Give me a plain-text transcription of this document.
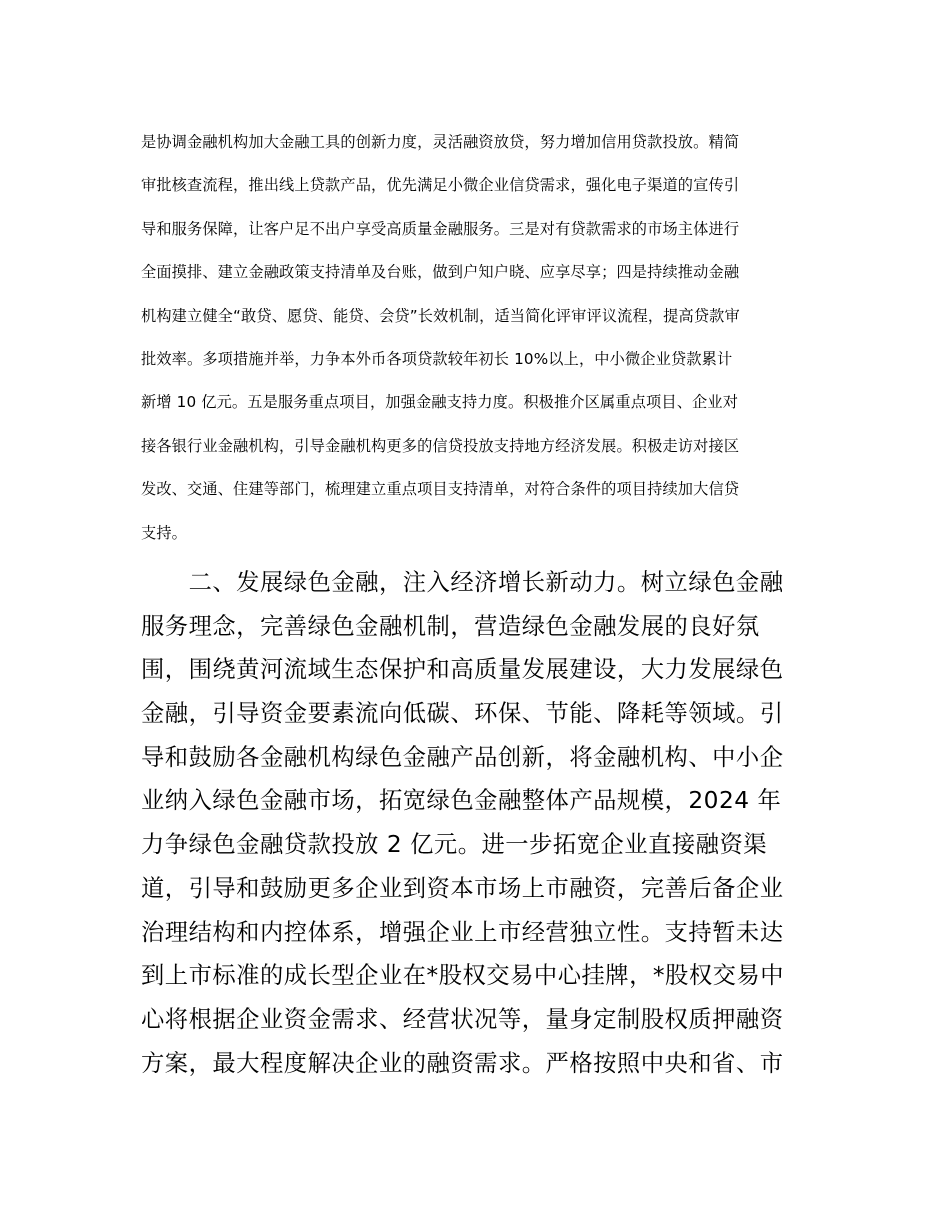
是协调金融机构加大金融工具的创新力度，灵活融资放贷，努力增加信用贷款投放。精简
审批核查流程，推出线上贷款产品，优先满足小微企业信贷需求，强化电子渠道的宣传引
导和服务保障，让客户足不出户享受高质量金融服务。三是对有贷款需求的市场主体进行
全面摸排、建立金融政策支持清单及台账，做到户知户晓、应享尽享；四是持续推动金融
机构建立健全“敢贷、愿贷、能贷、会贷”长效机制，适当简化评审评议流程，提高贷款审
批效率。多项措施并举，力争本外币各项贷款较年初长 10%以上，中小微企业贷款累计
新增 10 亿元。五是服务重点项目，加强金融支持力度。积极推介区属重点项目、企业对
接各银行业金融机构，引导金融机构更多的信贷投放支持地方经济发展。积极走访对接区
发改、交通、住建等部门，梳理建立重点项目支持清单，对符合条件的项目持续加大信贷
支持。
　　二、发展绿色金融，注入经济增长新动力。树立绿色金融
服务理念，完善绿色金融机制，营造绿色金融发展的良好氛
围，围绕黄河流域生态保护和高质量发展建设，大力发展绿色
金融，引导资金要素流向低碳、环保、节能、降耗等领域。引
导和鼓励各金融机构绿色金融产品创新，将金融机构、中小企
业纳入绿色金融市场，拓宽绿色金融整体产品规模，2024 年
力争绿色金融贷款投放 2 亿元。进一步拓宽企业直接融资渠
道，引导和鼓励更多企业到资本市场上市融资，完善后备企业
治理结构和内控体系，增强企业上市经营独立性。支持暂未达
到上市标准的成长型企业在*股权交易中心挂牌，*股权交易中
心将根据企业资金需求、经营状况等，量身定制股权质押融资
方案，最大程度解决企业的融资需求。严格按照中央和省、市
